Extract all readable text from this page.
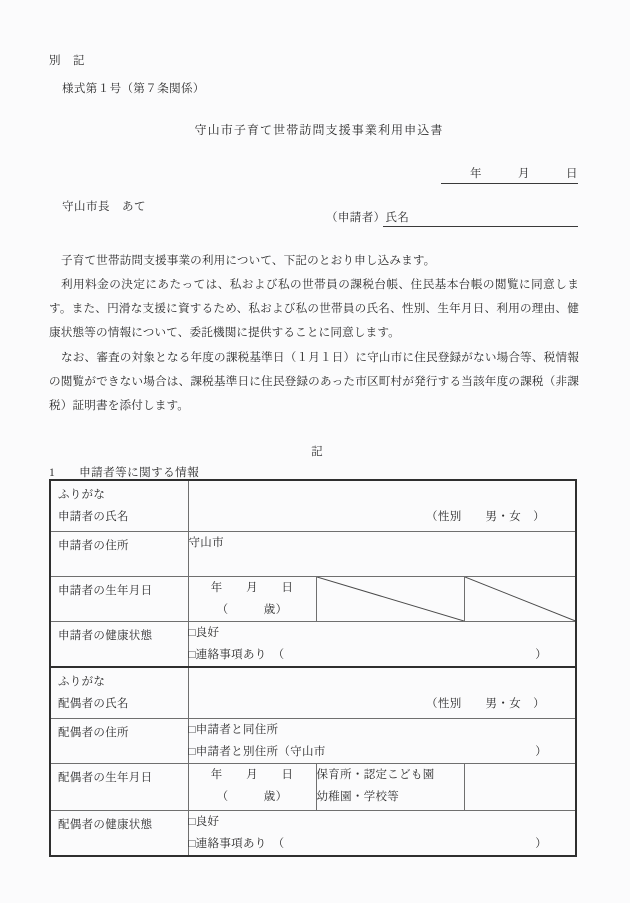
別　記
様式第１号（第７条関係）
守山市子育て世帯訪問支援事業利用申込書
年　　　月　　　日
守山市長　あて
（申請者）氏名
子育て世帯訪問支援事業の利用について、下記のとおり申し込みます。
利用料金の決定にあたっては、私および私の世帯員の課税台帳、住民基本台帳の閲覧に同意します。また、円滑な支援に資するため、私および私の世帯員の氏名、性別、生年月日、利用の理由、健康状態等の情報について、委託機関に提供することに同意します。
なお、審査の対象となる年度の課税基準日（１月１日）に守山市に住民登録がない場合等、税情報の閲覧ができない場合は、課税基準日に住民登録のあった市区町村が発行する当該年度の課税（非課税）証明書を添付します。
記
1　　申請者等に関する情報
ふりがな
申請者の氏名	（性別　　男・女　）		

申請者の住所	守山市		
申請者の生年月日	年　　月　　日
（　　　歳）

申請者の健康状態	□良好
□連絡事項あり　（ ）		

ふりがな
配偶者の氏名	（性別　　男・女　）		

配偶者の住所	□申請者と同住所
□申請者と別住所（守山市 ）		

配偶者の生年月日	年　　月　　日
（　　　歳）	保育所・認定こども園
幼稚園・学校等	
配偶者の健康状態	□良好
□連絡事項あり　（ ）		
